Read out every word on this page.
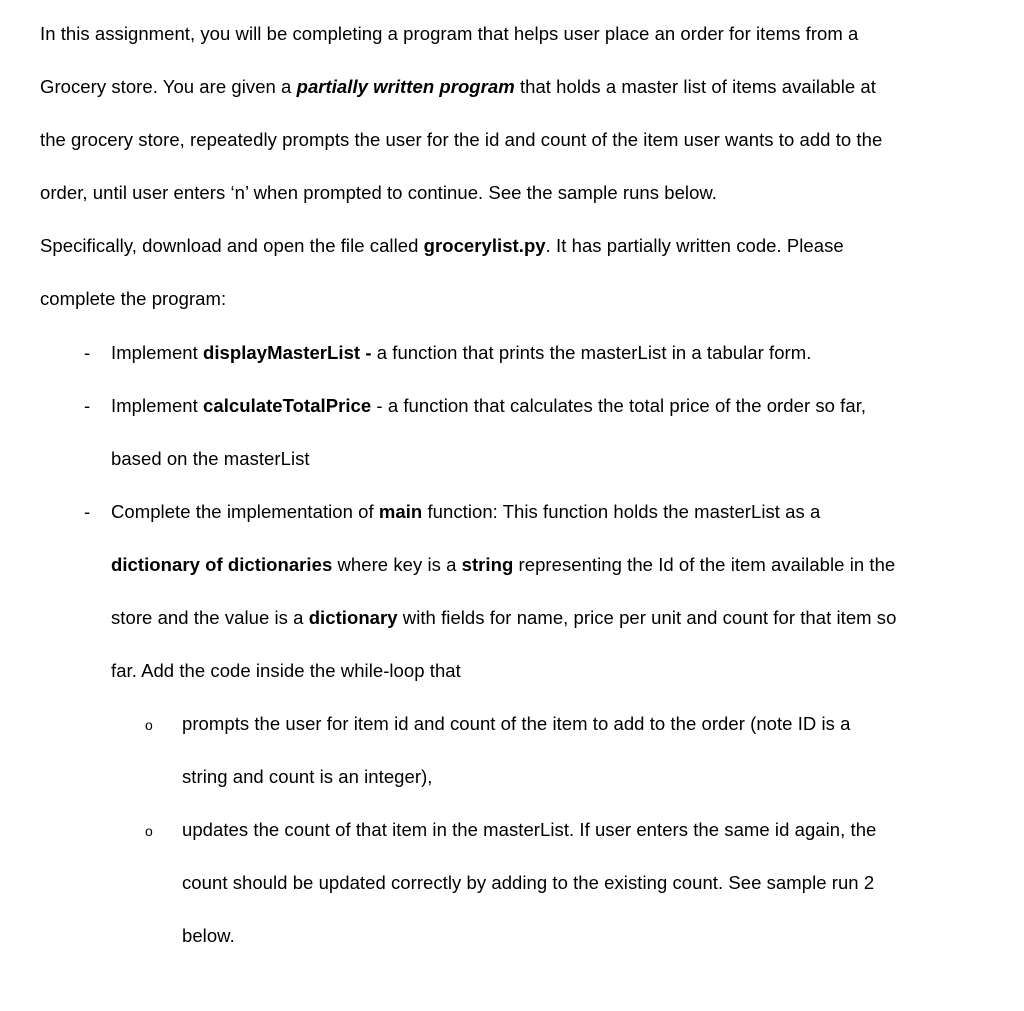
In this assignment, you will be completing a program that helps user place an order for items from a
Grocery store. You are given a partially written program that holds a master list of items available at
the grocery store, repeatedly prompts the user for the id and count of the item user wants to add to the
order, until user enters ‘n’ when prompted to continue. See the sample runs below.
Specifically, download and open the file called grocerylist.py. It has partially written code. Please
complete the program:
- Implement displayMasterList - a function that prints the masterList in a tabular form.
- Implement calculateTotalPrice - a function that calculates the total price of the order so far,
based on the masterList
- Complete the implementation of main function: This function holds the masterList as a
dictionary of dictionaries where key is a string representing the Id of the item available in the
store and the value is a dictionary with fields for name, price per unit and count for that item so
far. Add the code inside the while-loop that
o prompts the user for item id and count of the item to add to the order (note ID is a
string and count is an integer),
o updates the count of that item in the masterList. If user enters the same id again, the
count should be updated correctly by adding to the existing count. See sample run 2
below.
